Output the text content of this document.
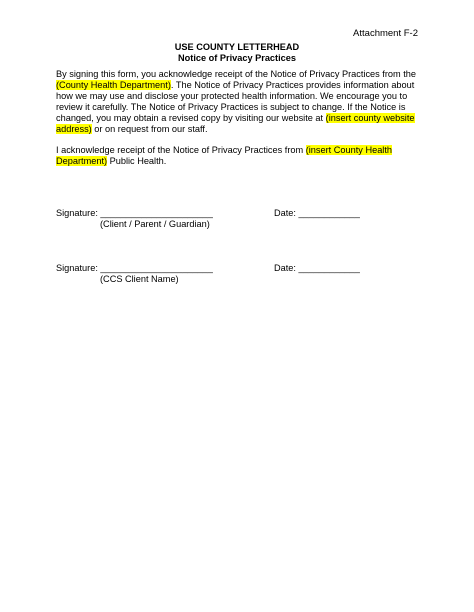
Attachment F-2
USE COUNTY LETTERHEAD
Notice of Privacy Practices
By signing this form, you acknowledge receipt of the Notice of Privacy Practices from the (County Health Department). The Notice of Privacy Practices provides information about how we may use and disclose your protected health information. We encourage you to review it carefully. The Notice of Privacy Practices is subject to change. If the Notice is changed, you may obtain a revised copy by visiting our website at (insert county website address) or on request from our staff.
I acknowledge receipt of the Notice of Privacy Practices from (insert County Health Department) Public Health.
Signature: ______________________
(Client / Parent / Guardian)
Date: ____________
Signature: ______________________
(CCS Client Name)
Date: ____________
